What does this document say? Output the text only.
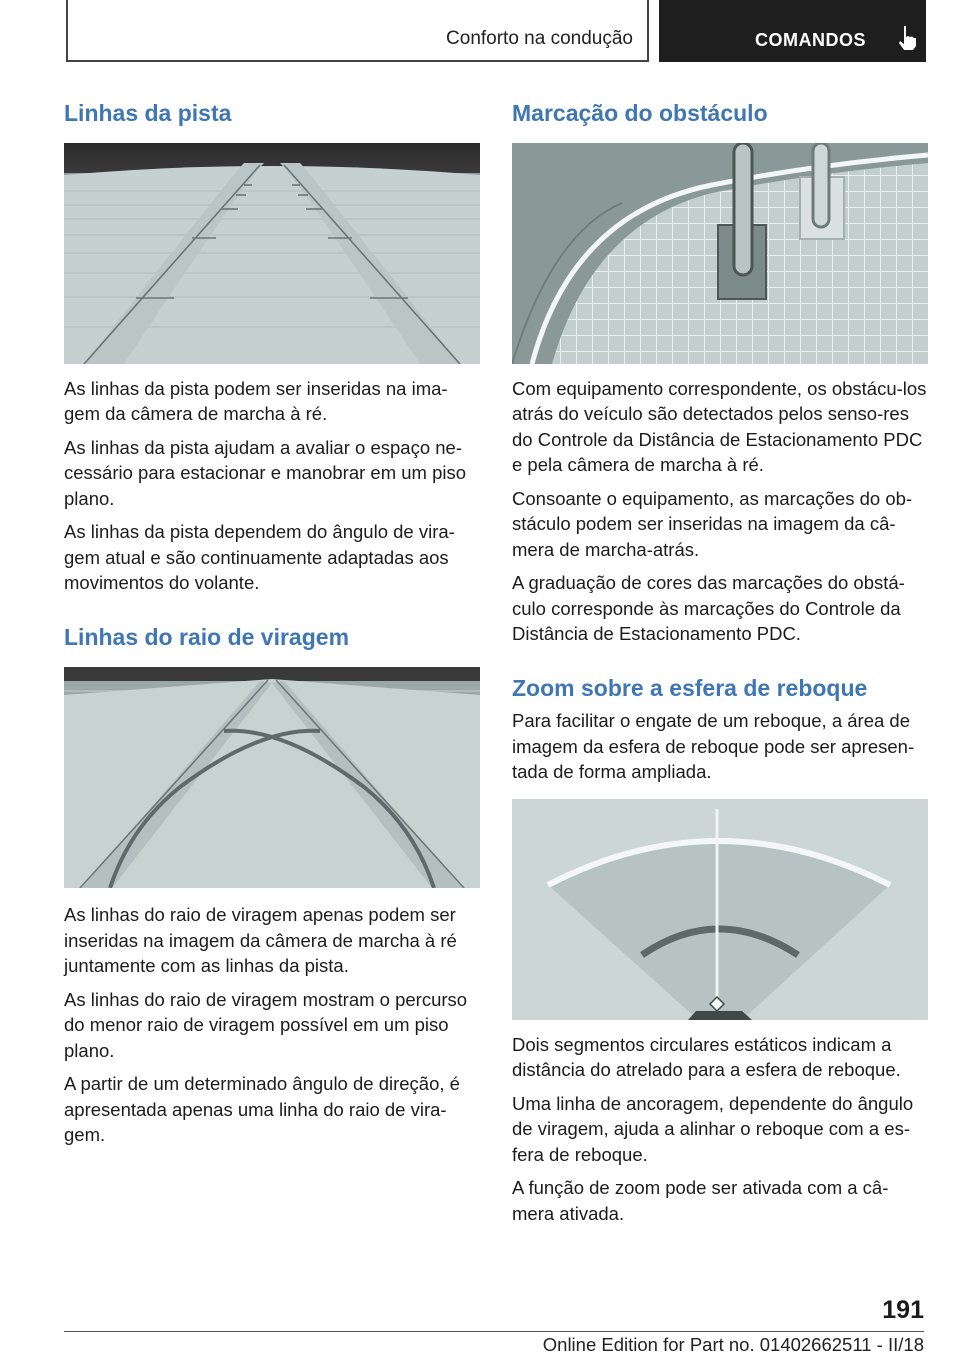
Conforto na condução	COMANDOS
Linhas da pista

As linhas da pista podem ser inseridas na ima-gem da câmera de marcha à ré.

As linhas da pista ajudam a avaliar o espaço ne-cessário para estacionar e manobrar em um piso plano.

As linhas da pista dependem do ângulo de vira-gem atual e são continuamente adaptadas aos movimentos do volante.

Linhas do raio de viragem

As linhas do raio de viragem apenas podem ser inseridas na imagem da câmera de marcha à ré juntamente com as linhas da pista.

As linhas do raio de viragem mostram o percurso do menor raio de viragem possível em um piso plano.

A partir de um determinado ângulo de direção, é apresentada apenas uma linha do raio de vira-gem.

Marcação do obstáculo

Com equipamento correspondente, os obstácu-los atrás do veículo são detectados pelos senso-res do Controle da Distância de Estacionamento PDC e pela câmera de marcha à ré.

Consoante o equipamento, as marcações do ob-stáculo podem ser inseridas na imagem da câ-mera de marcha-atrás.

A graduação de cores das marcações do obstá-culo corresponde às marcações do Controle da Distância de Estacionamento PDC.

Zoom sobre a esfera de reboque

Para facilitar o engate de um reboque, a área de imagem da esfera de reboque pode ser apresen-tada de forma ampliada.

Dois segmentos circulares estáticos indicam a distância do atrelado para a esfera de reboque.

Uma linha de ancoragem, dependente do ângulo de viragem, ajuda a alinhar o reboque com a es-fera de reboque.

A função de zoom pode ser ativada com a câ-mera ativada.

191
Online Edition for Part no. 01402662511 - II/18
